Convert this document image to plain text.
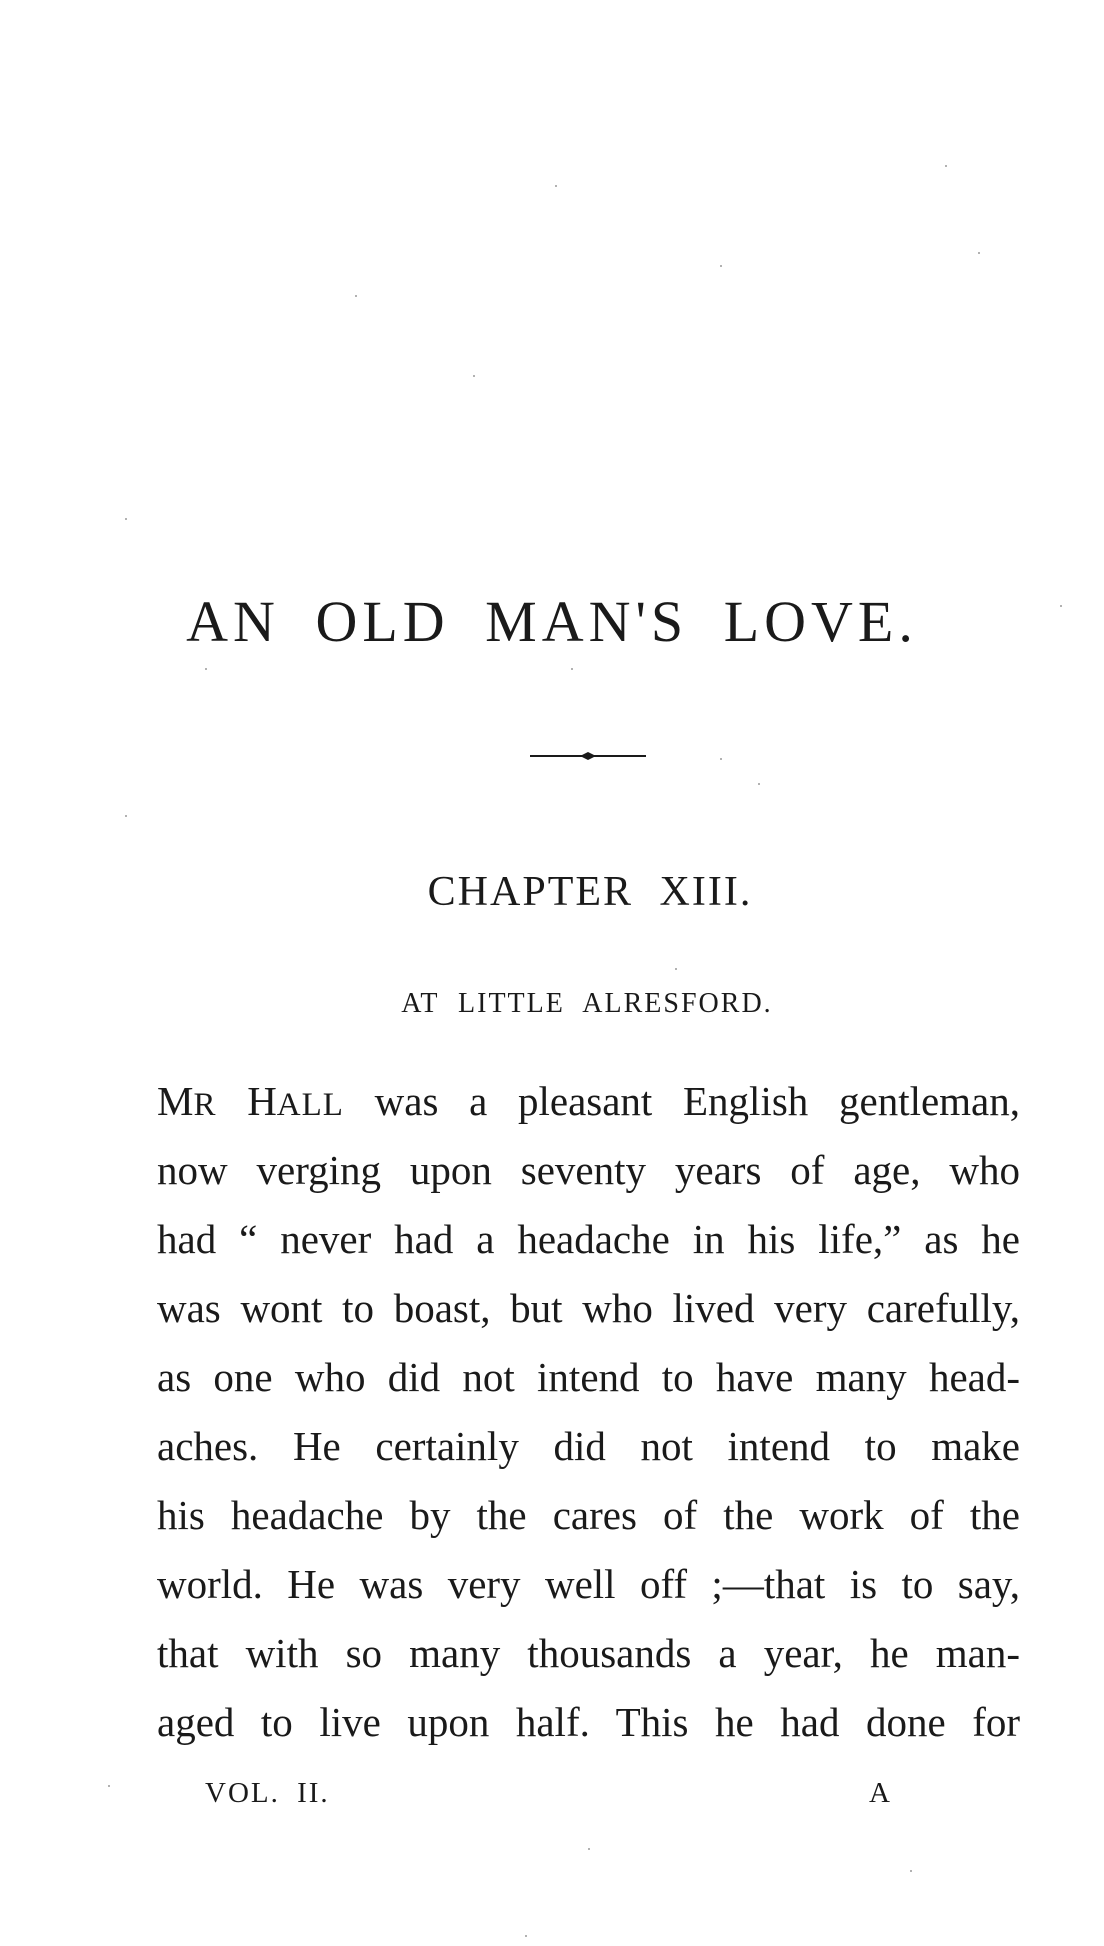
AN OLD MAN'S LOVE.
CHAPTER XIII.
AT LITTLE ALRESFORD.
MR HALL was a pleasant English gentleman,
now verging upon seventy years of age, who
had “ never had a headache in his life,” as he
was wont to boast, but who lived very carefully,
as one who did not intend to have many head-
aches. He certainly did not intend to make
his headache by the cares of the work of the
world. He was very well off ;—that is to say,
that with so many thousands a year, he man-
aged to live upon half. This he had done for
VOL. II.	A
